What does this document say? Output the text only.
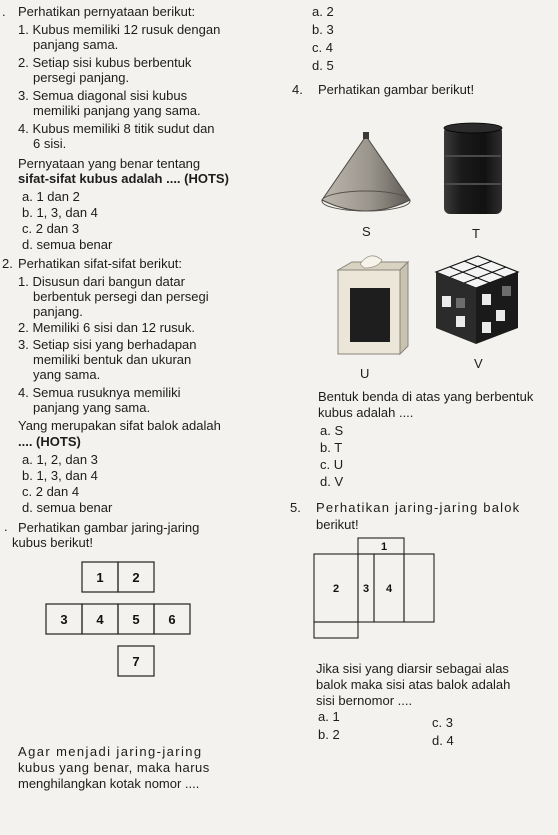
. Perhatikan pernyataan berikut:
1. Kubus memiliki 12 rusuk dengan
panjang sama.
2. Setiap sisi kubus berbentuk
persegi panjang.
3. Semua diagonal sisi kubus
memiliki panjang yang sama.
4. Kubus memiliki 8 titik sudut dan
6 sisi.
Pernyataan yang benar tentang
sifat-sifat kubus adalah .... (HOTS)
a. 1 dan 2
b. 1, 3, dan 4
c. 2 dan 3
d. semua benar
2. Perhatikan sifat-sifat berikut:
1. Disusun dari bangun datar
berbentuk persegi dan persegi
panjang.
2. Memiliki 6 sisi dan 12 rusuk.
3. Setiap sisi yang berhadapan
memiliki bentuk dan ukuran
yang sama.
4. Semua rusuknya memiliki
panjang yang sama.
Yang merupakan sifat balok adalah
.... (HOTS)
a. 1, 2, dan 3
b. 1, 3, dan 4
c. 2 dan 4
d. semua benar
. Perhatikan gambar jaring-jaring
kubus berikut!
1 2
3 4 5 6
7
Agar menjadi jaring-jaring
kubus yang benar, maka harus
menghilangkan kotak nomor ....
a. 2
b. 3
c. 4
d. 5
4. Perhatikan gambar berikut!
S	T
U
V
Bentuk benda di atas yang berbentuk
kubus adalah ....
a. S
b. T
c. U
d. V
5. Perhatikan jaring-jaring balok
berikut!
1
2 3 4
Jika sisi yang diarsir sebagai alas
balok maka sisi atas balok adalah
sisi bernomor ....
a. 1
b. 2
c. 3
d. 4
